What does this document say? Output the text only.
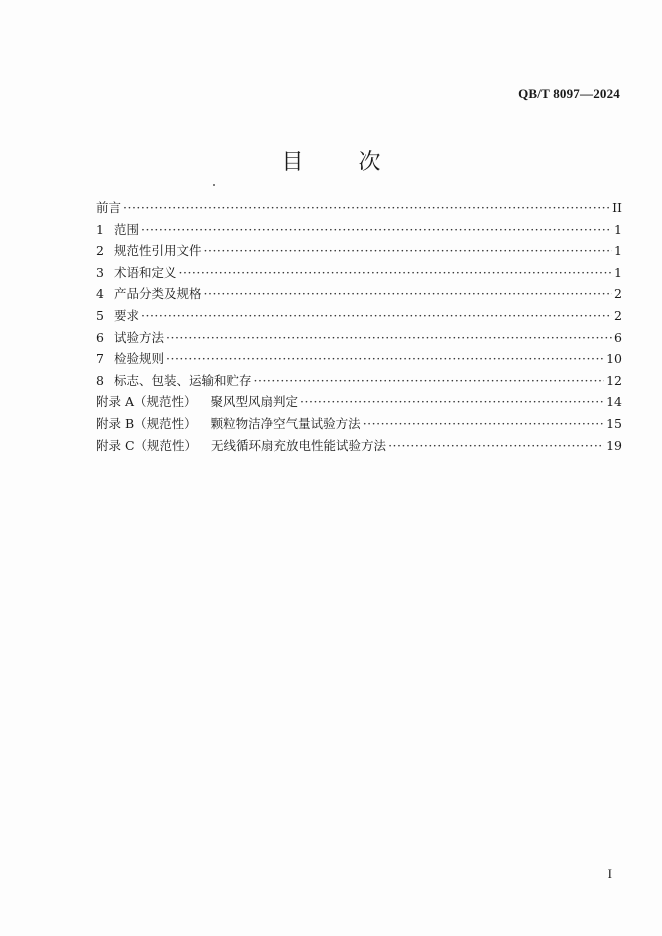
QB/T 8097—2024
目 次
前言 ·····	II
1 范围 ·····	1
2 规范性引用文件 ·····	1
3 术语和定义 ·····	1
4 产品分类及规格 ·····	2
5 要求 ·····	2
6 试验方法 ·····	6
7 检验规则 ·····	10
8 标志、包装、运输和贮存 ·····	12
附录 A（规范性） 聚风型风扇判定 ·····	14
附录 B（规范性） 颗粒物洁净空气量试验方法 ·····	15
附录 C（规范性） 无线循环扇充放电性能试验方法 ·····	19
I
